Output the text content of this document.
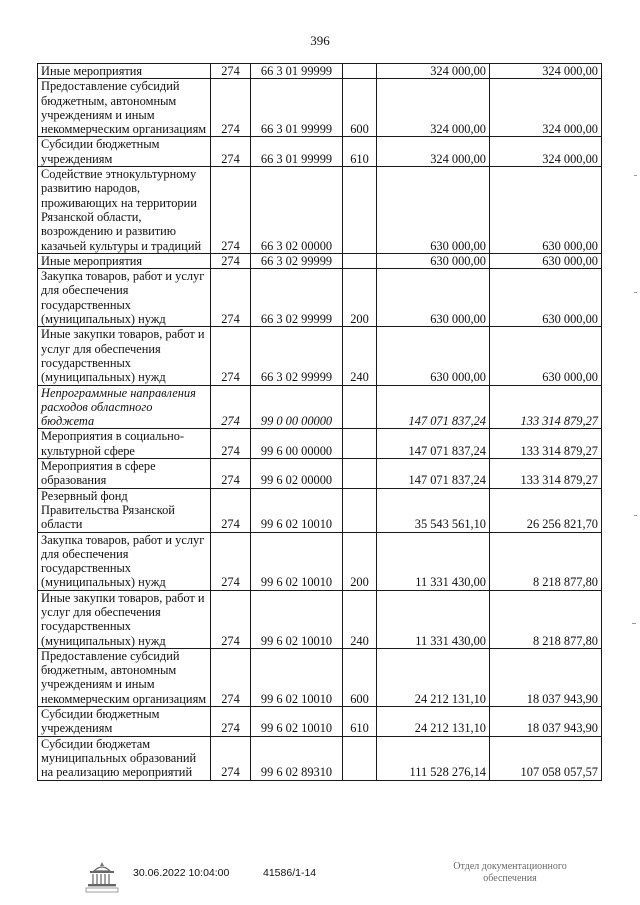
396
Иные мероприятия	274	66 3 01 99999		324 000,00	324 000,00
Предоставление субсидий бюджетным, автономным учреждениям и иным некоммерческим организациям	274	66 3 01 99999	600	324 000,00	324 000,00
Субсидии бюджетным учреждениям	274	66 3 01 99999	610	324 000,00	324 000,00
Содействие этнокультурному развитию народов, проживающих на территории Рязанской области, возрождению и развитию казачьей культуры и традиций	274	66 3 02 00000		630 000,00	630 000,00
Иные мероприятия	274	66 3 02 99999		630 000,00	630 000,00
Закупка товаров, работ и услуг для обеспечения государственных (муниципальных) нужд	274	66 3 02 99999	200	630 000,00	630 000,00
Иные закупки товаров, работ и услуг для обеспечения государственных (муниципальных) нужд	274	66 3 02 99999	240	630 000,00	630 000,00
Непрограммные направления расходов областного бюджета	274	99 0 00 00000		147 071 837,24	133 314 879,27
Мероприятия в социально-культурной сфере	274	99 6 00 00000		147 071 837,24	133 314 879,27
Мероприятия в сфере образования	274	99 6 02 00000		147 071 837,24	133 314 879,27
Резервный фонд Правительства Рязанской области	274	99 6 02 10010		35 543 561,10	26 256 821,70
Закупка товаров, работ и услуг для обеспечения государственных (муниципальных) нужд	274	99 6 02 10010	200	11 331 430,00	8 218 877,80
Иные закупки товаров, работ и услуг для обеспечения государственных (муниципальных) нужд	274	99 6 02 10010	240	11 331 430,00	8 218 877,80
Предоставление субсидий бюджетным, автономным учреждениям и иным некоммерческим организациям	274	99 6 02 10010	600	24 212 131,10	18 037 943,90
Субсидии бюджетным учреждениям	274	99 6 02 10010	610	24 212 131,10	18 037 943,90
Субсидии бюджетам муниципальных образований на реализацию мероприятий	274	99 6 02 89310		111 528 276,14	107 058 057,57
30.06.2022 10:04:00	41586/1-14
Отдел документационного
обеспечения
